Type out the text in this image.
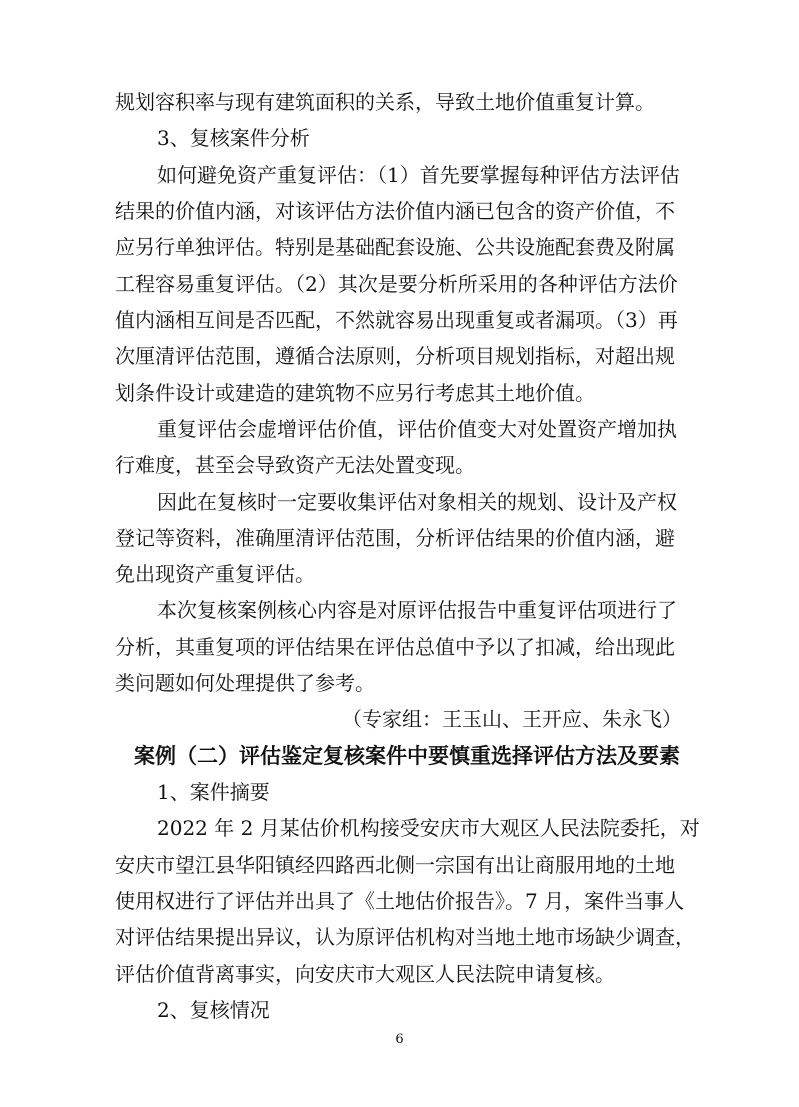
规划容积率与现有建筑面积的关系，导致土地价值重复计算。
3、复核案件分析
如何避免资产重复评估：（1）首先要掌握每种评估方法评估
结果的价值内涵，对该评估方法价值内涵已包含的资产价值，不
应另行单独评估。特别是基础配套设施、公共设施配套费及附属
工程容易重复评估。（2）其次是要分析所采用的各种评估方法价
值内涵相互间是否匹配，不然就容易出现重复或者漏项。（3）再
次厘清评估范围，遵循合法原则，分析项目规划指标，对超出规
划条件设计或建造的建筑物不应另行考虑其土地价值。
重复评估会虚增评估价值，评估价值变大对处置资产增加执
行难度，甚至会导致资产无法处置变现。
因此在复核时一定要收集评估对象相关的规划、设计及产权
登记等资料，准确厘清评估范围，分析评估结果的价值内涵，避
免出现资产重复评估。
本次复核案例核心内容是对原评估报告中重复评估项进行了
分析，其重复项的评估结果在评估总值中予以了扣减，给出现此
类问题如何处理提供了参考。
（专家组：王玉山、王开应、朱永飞）
案例（二）评估鉴定复核案件中要慎重选择评估方法及要素
1、案件摘要
2022 年 2 月某估价机构接受安庆市大观区人民法院委托，对
安庆市望江县华阳镇经四路西北侧一宗国有出让商服用地的土地
使用权进行了评估并出具了《土地估价报告》。7 月，案件当事人
对评估结果提出异议，认为原评估机构对当地土地市场缺少调查，
评估价值背离事实，向安庆市大观区人民法院申请复核。
6
2、复核情况
